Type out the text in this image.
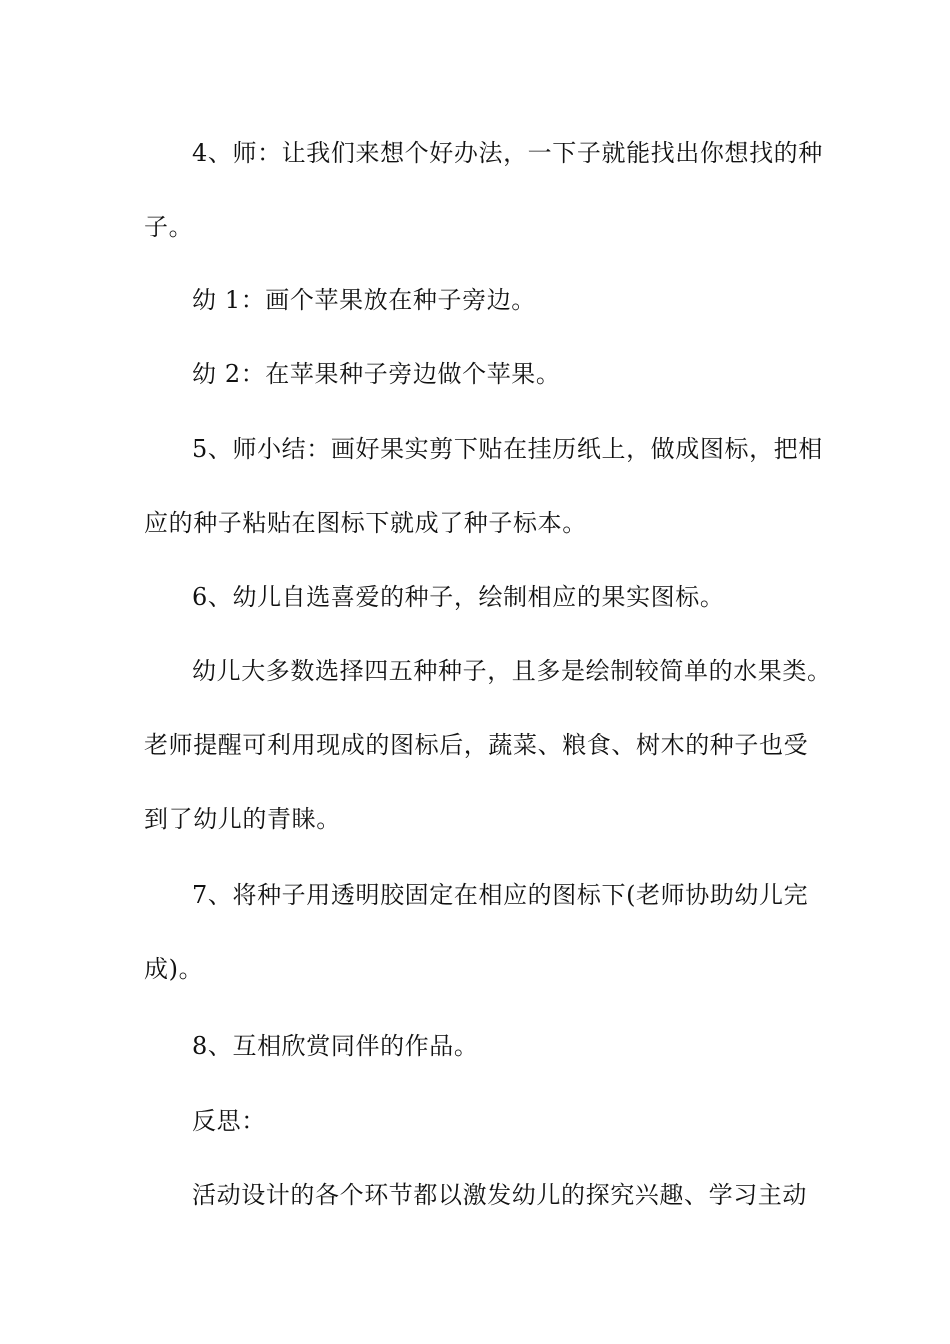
4、师：让我们来想个好办法，一下子就能找出你想找的种
子。
幼 1：画个苹果放在种子旁边。
幼 2：在苹果种子旁边做个苹果。
5、师小结：画好果实剪下贴在挂历纸上，做成图标，把相
应的种子粘贴在图标下就成了种子标本。
6、幼儿自选喜爱的种子，绘制相应的果实图标。
幼儿大多数选择四五种种子，且多是绘制较简单的水果类。
老师提醒可利用现成的图标后，蔬菜、粮食、树木的种子也受
到了幼儿的青睐。
7、将种子用透明胶固定在相应的图标下(老师协助幼儿完
成)。
8、互相欣赏同伴的作品。
反思：
活动设计的各个环节都以激发幼儿的探究兴趣、学习主动
